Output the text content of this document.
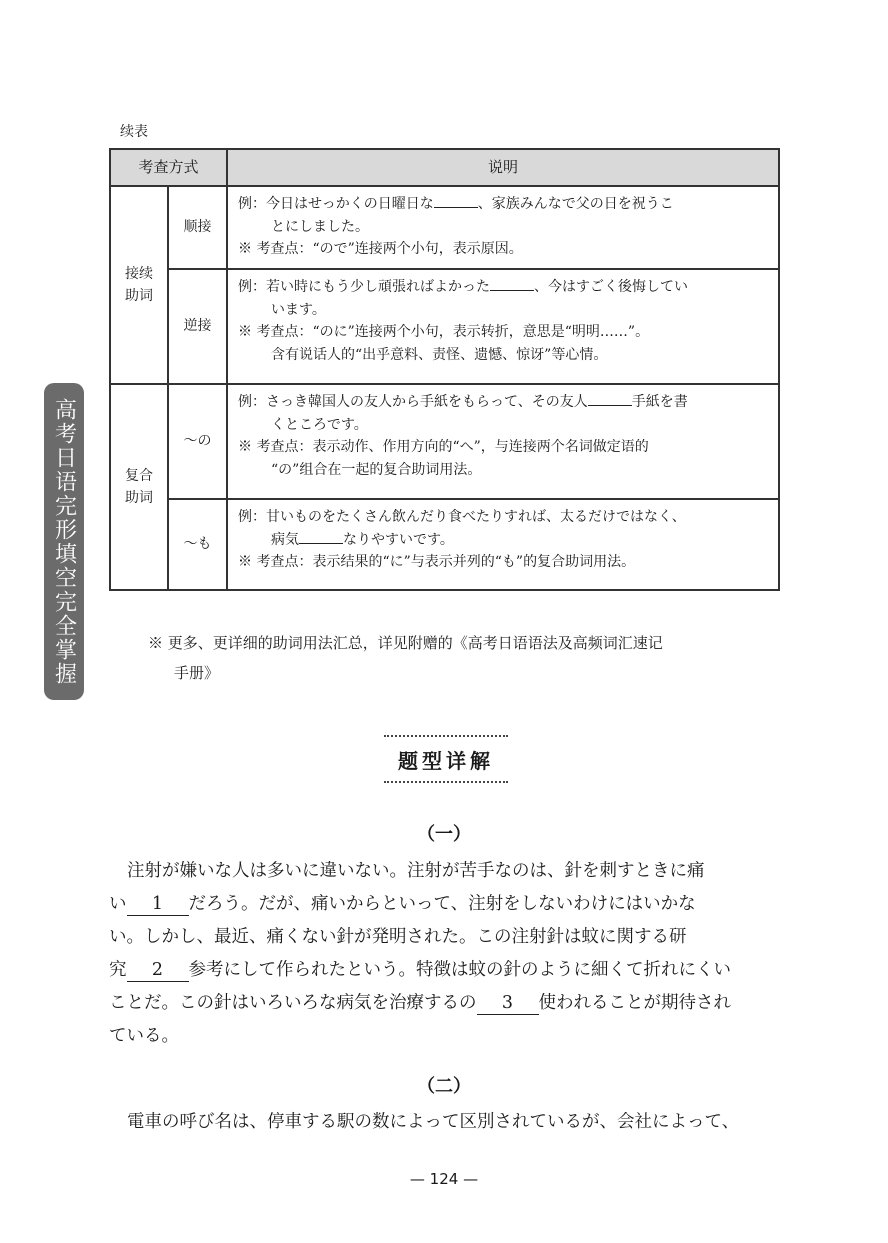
续表
考查方式		说明
接续
助词	顺接	例：今日はせっかくの日曜日な 、家族みんなで父の日を祝うこ
とにしました。
※ 考查点：“ので”连接两个小句，表示原因。

	逆接	例：若い時にもう少し頑張ればよかった 、今はすごく後悔してい
います。
※ 考查点：“のに”连接两个小句，表示转折，意思是“明明……”。
含有说话人的“出乎意料、责怪、遗憾、惊讶”等心情。

复合
助词	～の	例：さっき韓国人の友人から手紙をもらって、その友人 手紙を書
くところです。
※ 考查点：表示动作、作用方向的“へ”，与连接两个名词做定语的
“の”组合在一起的复合助词用法。

	～も	例：甘いものをたくさん飲んだり食べたりすれば、太るだけではなく、
病気 なりやすいです。
※ 考查点：表示结果的“に”与表示并列的“も”的复合助词用法。
高考日语完形填空完全掌握	※ 更多、更详细的助词用法汇总，详见附赠的《高考日语语法及高频词汇速记
手册》
题型详解
（一）
注射が嫌いな人は多いに違いない。注射が苦手なのは、針を刺すときに痛
い 1 だろう。だが、痛いからといって、注射をしないわけにはいかな
い。しかし、最近、痛くない針が発明された。この注射針は蚊に関する研
究 2 参考にして作られたという。特徴は蚊の針のように細くて折れにくい
ことだ。この針はいろいろな病気を治療するの 3 使われることが期待され
ている。
（二）
電車の呼び名は、停車する駅の数によって区別されているが、会社によって、
— 124 —
